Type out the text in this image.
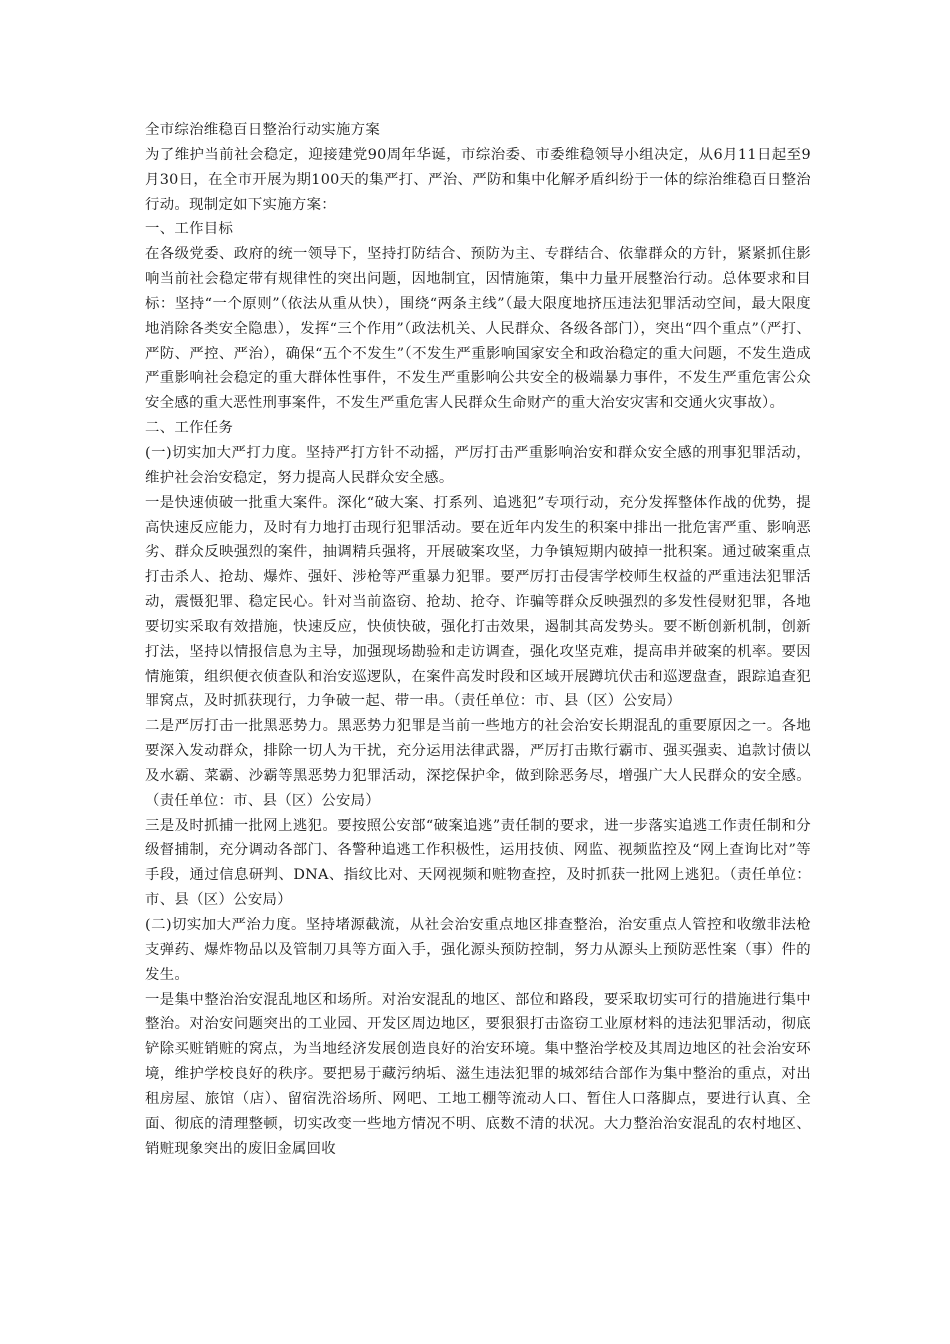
全市综治维稳百日整治行动实施方案

为了维护当前社会稳定，迎接建党90周年华诞，市综治委、市委维稳领导小组决定，从6月11日起至9月30日，在全市开展为期100天的集严打、严治、严防和集中化解矛盾纠纷于一体的综治维稳百日整治行动。现制定如下实施方案：

一、工作目标

在各级党委、政府的统一领导下，坚持打防结合、预防为主、专群结合、依靠群众的方针，紧紧抓住影响当前社会稳定带有规律性的突出问题，因地制宜，因情施策，集中力量开展整治行动。总体要求和目标：坚持“一个原则”（依法从重从快），围绕“两条主线”（最大限度地挤压违法犯罪活动空间，最大限度地消除各类安全隐患），发挥“三个作用”（政法机关、人民群众、各级各部门），突出“四个重点”（严打、严防、严控、严治），确保“五个不发生”（不发生严重影响国家安全和政治稳定的重大问题，不发生造成严重影响社会稳定的重大群体性事件，不发生严重影响公共安全的极端暴力事件，不发生严重危害公众安全感的重大恶性刑事案件，不发生严重危害人民群众生命财产的重大治安灾害和交通火灾事故）。

二、工作任务

(一)切实加大严打力度。坚持严打方针不动摇，严厉打击严重影响治安和群众安全感的刑事犯罪活动，维护社会治安稳定，努力提高人民群众安全感。

一是快速侦破一批重大案件。深化“破大案、打系列、追逃犯”专项行动，充分发挥整体作战的优势，提高快速反应能力，及时有力地打击现行犯罪活动。要在近年内发生的积案中排出一批危害严重、影响恶劣、群众反映强烈的案件，抽调精兵强将，开展破案攻坚，力争镇短期内破掉一批积案。通过破案重点打击杀人、抢劫、爆炸、强奸、涉枪等严重暴力犯罪。要严厉打击侵害学校师生权益的严重违法犯罪活动，震慑犯罪、稳定民心。针对当前盗窃、抢劫、抢夺、诈骗等群众反映强烈的多发性侵财犯罪，各地要切实采取有效措施，快速反应，快侦快破，强化打击效果，遏制其高发势头。要不断创新机制，创新打法，坚持以情报信息为主导，加强现场勘验和走访调查，强化攻坚克难，提高串并破案的机率。要因情施策，组织便衣侦查队和治安巡逻队，在案件高发时段和区域开展蹲坑伏击和巡逻盘查，跟踪追查犯罪窝点，及时抓获现行，力争破一起、带一串。（责任单位：市、县（区）公安局）

二是严厉打击一批黑恶势力。黑恶势力犯罪是当前一些地方的社会治安长期混乱的重要原因之一。各地要深入发动群众，排除一切人为干扰，充分运用法律武器，严厉打击欺行霸市、强买强卖、追款讨债以及水霸、菜霸、沙霸等黑恶势力犯罪活动，深挖保护伞，做到除恶务尽，增强广大人民群众的安全感。（责任单位：市、县（区）公安局）

三是及时抓捕一批网上逃犯。要按照公安部“破案追逃”责任制的要求，进一步落实追逃工作责任制和分级督捕制，充分调动各部门、各警种追逃工作积极性，运用技侦、网监、视频监控及“网上查询比对”等手段，通过信息研判、DNA、指纹比对、天网视频和赃物查控，及时抓获一批网上逃犯。（责任单位：市、县（区）公安局）

(二)切实加大严治力度。坚持堵源截流，从社会治安重点地区排查整治，治安重点人管控和收缴非法枪支弹药、爆炸物品以及管制刀具等方面入手，强化源头预防控制，努力从源头上预防恶性案（事）件的发生。

一是集中整治治安混乱地区和场所。对治安混乱的地区、部位和路段，要采取切实可行的措施进行集中整治。对治安问题突出的工业园、开发区周边地区，要狠狠打击盗窃工业原材料的违法犯罪活动，彻底铲除买赃销赃的窝点，为当地经济发展创造良好的治安环境。集中整治学校及其周边地区的社会治安环境，维护学校良好的秩序。要把易于藏污纳垢、滋生违法犯罪的城郊结合部作为集中整治的重点，对出租房屋、旅馆（店）、留宿洗浴场所、网吧、工地工棚等流动人口、暂住人口落脚点，要进行认真、全面、彻底的清理整顿，切实改变一些地方情况不明、底数不清的状况。大力整治治安混乱的农村地区、销赃现象突出的废旧金属回收
